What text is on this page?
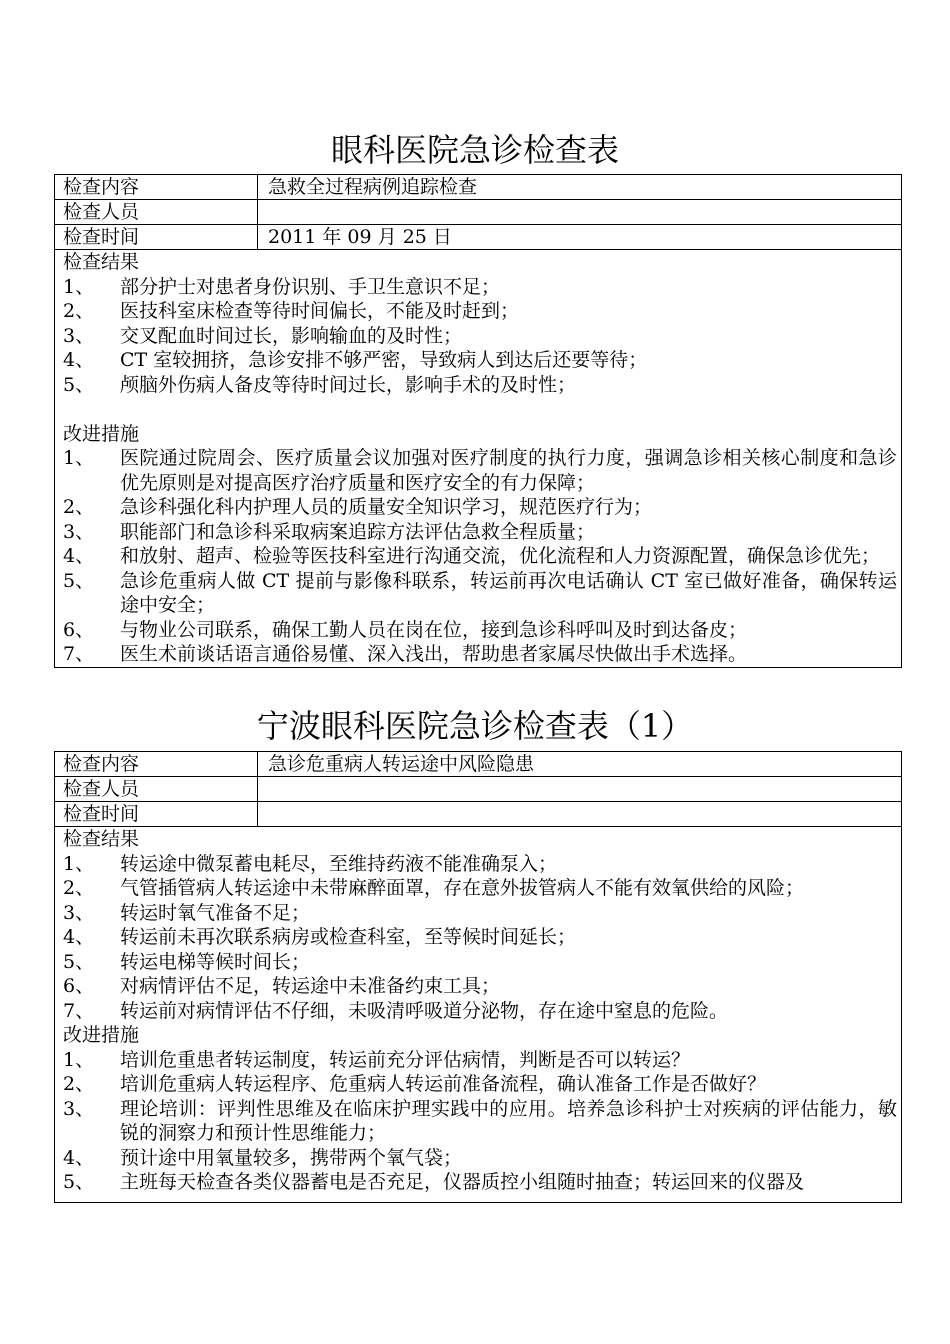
眼科医院急诊检查表
检查内容	急救全过程病例追踪检查
检查人员
检查时间	2011 年 09 月 25 日
检查结果
1、	部分护士对患者身份识别、手卫生意识不足；
2、	医技科室床检查等待时间偏长，不能及时赶到；
3、	交叉配血时间过长，影响输血的及时性；
4、	CT 室较拥挤，急诊安排不够严密，导致病人到达后还要等待；
5、	颅脑外伤病人备皮等待时间过长，影响手术的及时性；
改进措施
1、	医院通过院周会、医疗质量会议加强对医疗制度的执行力度，强调急诊相关核心制度和急诊优先原则是对提高医疗治疗质量和医疗安全的有力保障；
2、	急诊科强化科内护理人员的质量安全知识学习，规范医疗行为；
3、	职能部门和急诊科采取病案追踪方法评估急救全程质量；
4、	和放射、超声、检验等医技科室进行沟通交流，优化流程和人力资源配置，确保急诊优先；
5、	急诊危重病人做 CT 提前与影像科联系，转运前再次电话确认 CT 室已做好准备，确保转运途中安全；
6、	与物业公司联系，确保工勤人员在岗在位，接到急诊科呼叫及时到达备皮；
7、	医生术前谈话语言通俗易懂、深入浅出，帮助患者家属尽快做出手术选择。
宁波眼科医院急诊检查表（1）
检查内容	急诊危重病人转运途中风险隐患
检查人员
检查时间
检查结果
1、	转运途中微泵蓄电耗尽，至维持药液不能准确泵入；
2、	气管插管病人转运途中未带麻醉面罩，存在意外拔管病人不能有效氧供给的风险；
3、	转运时氧气准备不足；
4、	转运前未再次联系病房或检查科室，至等候时间延长；
5、	转运电梯等候时间长；
6、	对病情评估不足，转运途中未准备约束工具；
7、	转运前对病情评估不仔细，未吸清呼吸道分泌物，存在途中窒息的危险。
改进措施
1、	培训危重患者转运制度，转运前充分评估病情，判断是否可以转运？
2、	培训危重病人转运程序、危重病人转运前准备流程，确认准备工作是否做好？
3、	理论培训：评判性思维及在临床护理实践中的应用。培养急诊科护士对疾病的评估能力，敏锐的洞察力和预计性思维能力；
4、	预计途中用氧量较多，携带两个氧气袋；
5、	主班每天检查各类仪器蓄电是否充足，仪器质控小组随时抽查；转运回来的仪器及
